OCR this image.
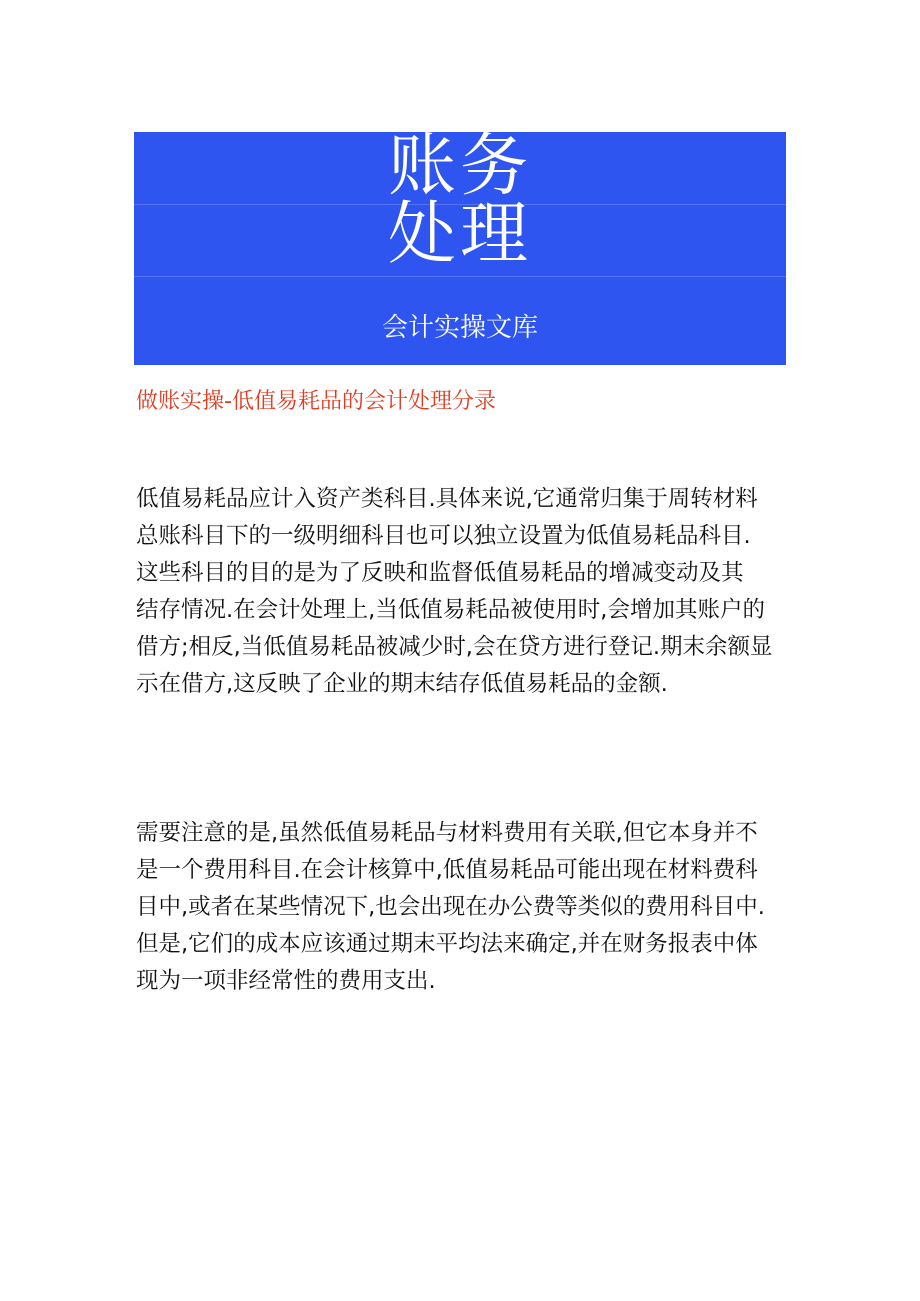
账务
处理
会计实操文库
做账实操-低值易耗品的会计处理分录
低值易耗品应计入资产类科目.具体来说,它通常归集于周转材料
总账科目下的一级明细科目也可以独立设置为低值易耗品科目.
这些科目的目的是为了反映和监督低值易耗品的增减变动及其
结存情况.在会计处理上,当低值易耗品被使用时,会增加其账户的
借方;相反,当低值易耗品被减少时,会在贷方进行登记.期末余额显
示在借方,这反映了企业的期末结存低值易耗品的金额.
需要注意的是,虽然低值易耗品与材料费用有关联,但它本身并不
是一个费用科目.在会计核算中,低值易耗品可能出现在材料费科
目中,或者在某些情况下,也会出现在办公费等类似的费用科目中.
但是,它们的成本应该通过期末平均法来确定,并在财务报表中体
现为一项非经常性的费用支出.
